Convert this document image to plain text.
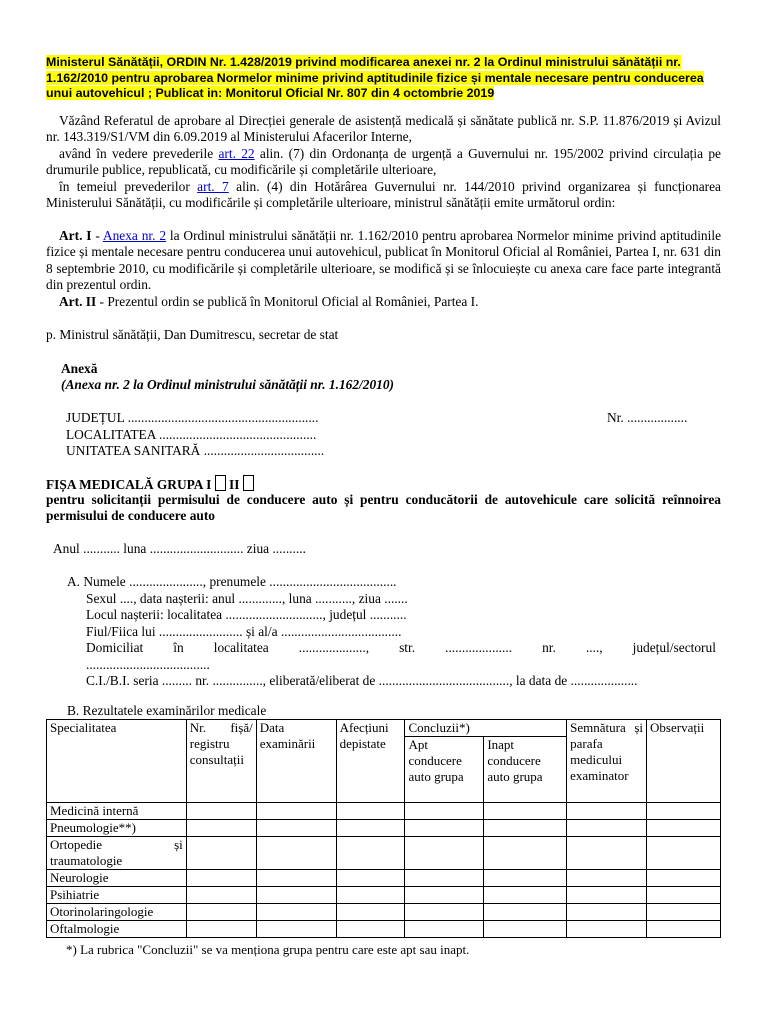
Ministerul Sănătății, ORDIN Nr. 1.428/2019 privind modificarea anexei nr. 2 la Ordinul ministrului sănătății nr. 1.162/2010 pentru aprobarea Normelor minime privind aptitudinile fizice și mentale necesare pentru conducerea unui autovehicul ; Publicat in: Monitorul Oficial Nr. 807 din 4 octombrie 2019
Văzând Referatul de aprobare al Direcției generale de asistență medicală și sănătate publică nr. S.P. 11.876/2019 și Avizul nr. 143.319/S1/VM din 6.09.2019 al Ministerului Afacerilor Interne,
având în vedere prevederile art. 22 alin. (7) din Ordonanța de urgență a Guvernului nr. 195/2002 privind circulația pe drumurile publice, republicată, cu modificările și completările ulterioare,
în temeiul prevederilor art. 7 alin. (4) din Hotărârea Guvernului nr. 144/2010 privind organizarea și funcționarea Ministerului Sănătății, cu modificările și completările ulterioare, ministrul sănătății emite următorul ordin:
Art. I - Anexa nr. 2 la Ordinul ministrului sănătății nr. 1.162/2010 pentru aprobarea Normelor minime privind aptitudinile fizice și mentale necesare pentru conducerea unui autovehicul, publicat în Monitorul Oficial al României, Partea I, nr. 631 din 8 septembrie 2010, cu modificările și completările ulterioare, se modifică și se înlocuiește cu anexa care face parte integrantă din prezentul ordin.
Art. II - Prezentul ordin se publică în Monitorul Oficial al României, Partea I.
p. Ministrul sănătății, Dan Dumitrescu, secretar de stat
Anexă
(Anexa nr. 2 la Ordinul ministrului sănătății nr. 1.162/2010)
JUDEȚUL .........................................................	Nr. ..................
LOCALITATEA ...............................................
UNITATEA SANITARĂ ....................................
FIȘA MEDICALĂ GRUPA I II
pentru solicitanții permisului de conducere auto și pentru conducătorii de autovehicule care solicită reînnoirea permisului de conducere auto
Anul ........... luna ............................ ziua ..........
A. Numele ......................, prenumele ......................................
Sexul ...., data nașterii: anul ............., luna ..........., ziua .......
Locul nașterii: localitatea ............................., județul ...........
Fiul/Fiica lui ......................... și al/a ....................................
Domiciliat în localitatea ...................., str. .................... nr. ...., județul/sectorul
.....................................
C.I./B.I. seria ......... nr. ..............., eliberată/eliberat de ......................................., la data de ....................
B. Rezultatele examinărilor medicale
Specialitatea	Nr. fișă/ registru consultații	Data examinării	Afecțiuni depistate	Concluzii*)		Semnătura și parafa medicului examinator	Observații
				Apt conducere auto grupa	Inapt conducere auto grupa		
Medicină internă							
Pneumologie**)							
Ortopedie și traumatologie							
Neurologie							
Psihiatrie							
Otorinolaringologie							
Oftalmologie							
*) La rubrica "Concluzii" se va menționa grupa pentru care este apt sau inapt.
